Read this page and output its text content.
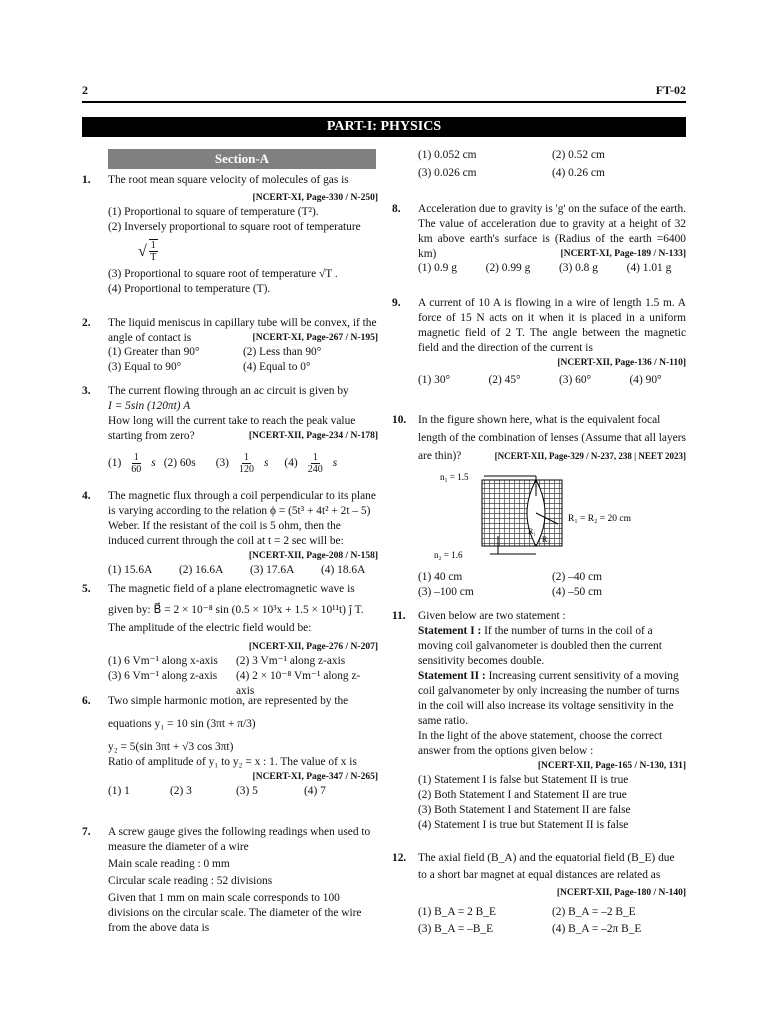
2	FT-02
PART-I: PHYSICS
Section-A
1. The root mean square velocity of molecules of gas is
[NCERT-XI, Page-330 / N-250]
(1) Proportional to square of temperature (T²).
(2) Inversely proportional to square root of temperature
√ $\frac{1}{T}$
(3) Proportional to square root of temperature √T .
(4) Proportional to temperature (T).
2. The liquid meniscus in capillary tube will be convex, if the angle of contact is	[NCERT-XI, Page-267 / N-195]
(1) Greater than 90°	(2) Less than 90°
(3) Equal to 90°	(4) Equal to 0°
3. The current flowing through an ac circuit is given by
I = 5sin (120πt) A
How long will the current take to reach the peak value starting from zero?	[NCERT-XII, Page-234 / N-178]
$(1) \frac{1}{60}$ s (2) 60s $(3) \frac{1}{120}$ s $(4) \frac{1}{240}$ s
4. The magnetic flux through a coil perpendicular to its plane is varying according to the relation ϕ = (5t³ + 4t² + 2t – 5) Weber. If the resistant of the coil is 5 ohm, then the induced current through the coil at t = 2 sec will be:
[NCERT-XII, Page-208 / N-158]
(1) 15.6A	(2) 16.6A	(3) 17.6A	(4) 18.6A
5. The magnetic field of a plane electromagnetic wave is
given by: B⃗ = 2 × 10⁻⁸ sin (0.5 × 10³x + 1.5 × 10¹¹t) ĵ T.
The amplitude of the electric field would be:
[NCERT-XII, Page-276 / N-207]
(1) 6 Vm⁻¹ along x-axis	(2) 3 Vm⁻¹ along z-axis
(3) 6 Vm⁻¹ along z-axis	(4) 2 × 10⁻⁸ Vm⁻¹ along z-axis
6. Two simple harmonic motion, are represented by the
equations y₁ = 10 sin (3πt + π/3)
y₂ = 5(sin 3πt + √3 cos 3πt)
Ratio of amplitude of y₁ to y₂ = x : 1. The value of x is
[NCERT-XI, Page-347 / N-265]
(1) 1	(2) 3	(3) 5	(4) 7
7. A screw gauge gives the following readings when used to measure the diameter of a wire
Main scale reading : 0 mm
Circular scale reading : 52 divisions
Given that 1 mm on main scale corresponds to 100 divisions on the circular scale. The diameter of the wire from the above data is
(1) 0.052 cm	(2) 0.52 cm
(3) 0.026 cm	(4) 0.26 cm
8. Acceleration due to gravity is 'g' on the suface of the earth. The value of acceleration due to gravity at a height of 32 km above earth's surface is (Radius of the earth =6400 km)	[NCERT-XI, Page-189 / N-133]
(1) 0.9 g	(2) 0.99 g	(3) 0.8 g	(4) 1.01 g
9. A current of 10 A is flowing in a wire of length 1.5 m. A force of 15 N acts on it when it is placed in a uniform magnetic field of 2 T. The angle between the magnetic field and the direction of the current is
[NCERT-XII, Page-136 / N-110]
(1) 30°	(2) 45°	(3) 60°	(4) 90°
10. In the figure shown here, what is the equivalent focal length of the combination of lenses (Assume that all layers are thin)?	[NCERT-XII, Page-329 / N-237, 238 | NEET 2023]
n₁ = 1.5
n₂ = 1.6
R₁
R₂
R₁ = R₂ = 20 cm
(1) 40 cm	(2) –40 cm
(3) –100 cm	(4) –50 cm
11. Given below are two statement :
Statement I : If the number of turns in the coil of a moving coil galvanometer is doubled then the current sensitivity becomes double.
Statement II : Increasing current sensitivity of a moving coil galvanometer by only increasing the number of turns in the coil will also increase its voltage sensitivity in the same ratio.
In the light of the above statement, choose the correct answer from the options given below :
[NCERT-XII, Page-165 / N-130, 131]
(1) Statement I is false but Statement II is true
(2) Both Statement I and Statement II are true
(3) Both Statement I and Statement II are false
(4) Statement I is true but Statement II is false
12. The axial field (B_A) and the equatorial field (B_E) due to a short bar magnet at equal distances are related as
[NCERT-XII, Page-180 / N-140]
(1) B_A = 2 B_E	(2) B_A = –2 B_E
(3) B_A = –B_E	(4) B_A = –2π B_E
